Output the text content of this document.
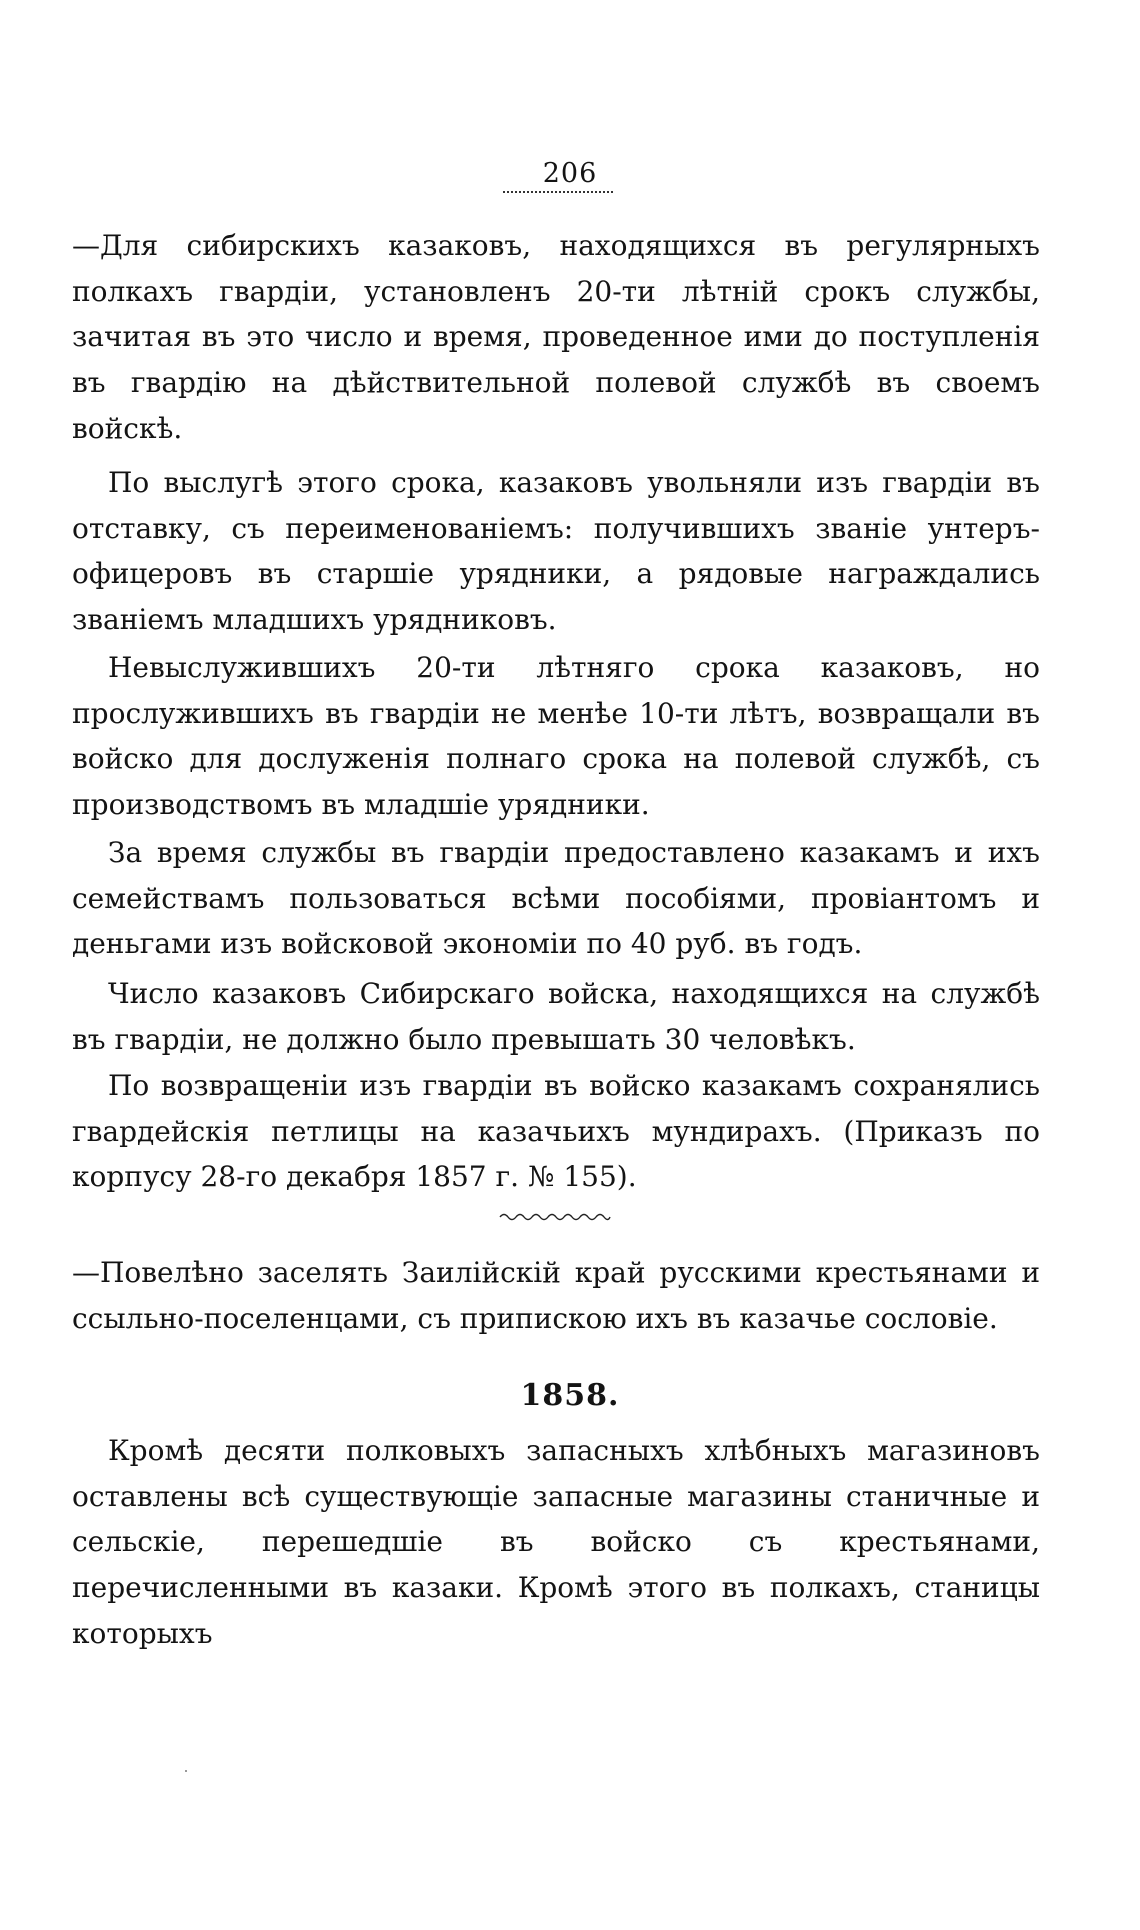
206

—Для сибирскихъ казаковъ, находящихся въ регулярныхъ полкахъ гвардіи, установленъ 20-ти лѣтній срокъ службы, зачитая въ это число и время, проведенное ими до поступленія въ гвардію на дѣйствительной полевой службѣ въ своемъ войскѣ.

По выслугѣ этого срока, казаковъ увольняли изъ гвардіи въ отставку, съ переименованіемъ: получившихъ званіе унтеръ-офицеровъ въ старшіе урядники, а рядовые награждались званіемъ младшихъ урядниковъ.

Невыслужившихъ 20-ти лѣтняго срока казаковъ, но прослужившихъ въ гвардіи не менѣе 10-ти лѣтъ, возвращали въ войско для дослуженія полнаго срока на полевой службѣ, съ производствомъ въ младшіе урядники.

За время службы въ гвардіи предоставлено казакамъ и ихъ семействамъ пользоваться всѣми пособіями, провіантомъ и деньгами изъ войсковой экономіи по 40 руб. въ годъ.

Число казаковъ Сибирскаго войска, находящихся на службѣ въ гвардіи, не должно было превышать 30 человѣкъ.

По возвращеніи изъ гвардіи въ войско казакамъ сохранялись гвардейскія петлицы на казачьихъ мундирахъ. (Приказъ по корпусу 28-го декабря 1857 г. № 155).

—Повелѣно заселять Заилійскій край русскими крестьянами и ссыльно-поселенцами, съ припискою ихъ въ казачье сословіе.

1858.

Кромѣ десяти полковыхъ запасныхъ хлѣбныхъ магазиновъ оставлены всѣ существующіе запасные магазины станичные и сельскіе, перешедшіе въ войско съ крестьянами, перечисленными въ казаки. Кромѣ этого въ полкахъ, станицы которыхъ
